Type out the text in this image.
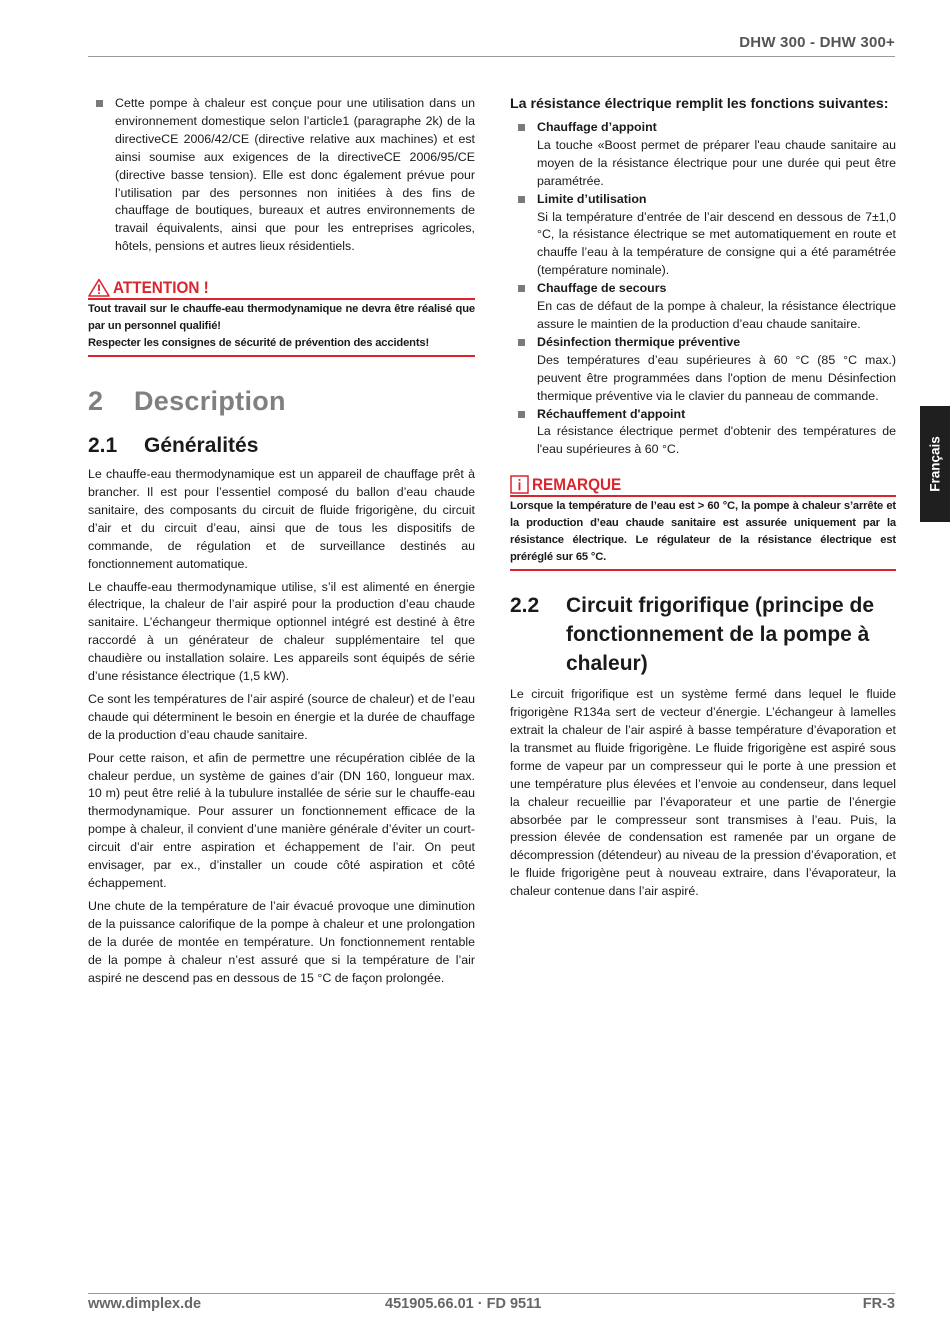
DHW 300 - DHW 300+
Cette pompe à chaleur est conçue pour une utilisation dans un environnement domestique selon l’article1 (paragraphe 2k) de la directiveCE 2006/42/CE (directive relative aux machines) et est ainsi soumise aux exigences de la directiveCE 2006/95/CE (directive basse tension). Elle est donc également prévue pour l’utilisation par des personnes non initiées à des fins de chauffage de boutiques, bureaux et autres environnements de travail équivalents, ainsi que pour les entreprises agricoles, hôtels, pensions et autres lieux résidentiels.
ATTENTION !

Tout travail sur le chauffe-eau thermodynamique ne devra être réalisé que par un personnel qualifié!

Respecter les consignes de sécurité de prévention des accidents!

2	Description
2.1	Généralités

Le chauffe-eau thermodynamique est un appareil de chauffage prêt à brancher. Il est pour l’essentiel composé du ballon d’eau chaude sanitaire, des composants du circuit de fluide frigorigène, du circuit d’air et du circuit d’eau, ainsi que de tous les dispositifs de commande, de régulation et de surveillance destinés au fonctionnement automatique.

Le chauffe-eau thermodynamique utilise, s’il est alimenté en énergie électrique, la chaleur de l’air aspiré pour la production d’eau chaude sanitaire. L’échangeur thermique optionnel intégré est destiné à être raccordé à un générateur de chaleur supplémentaire tel que chaudière ou installation solaire. Les appareils sont équipés de série d’une résistance électrique (1,5 kW).

Ce sont les températures de l’air aspiré (source de chaleur) et de l’eau chaude qui déterminent le besoin en énergie et la durée de chauffage de la production d’eau chaude sanitaire.

Pour cette raison, et afin de permettre une récupération ciblée de la chaleur perdue, un système de gaines d’air (DN 160, longueur max. 10 m) peut être relié à la tubulure installée de série sur le chauffe-eau thermodynamique. Pour assurer un fonctionnement efficace de la pompe à chaleur, il convient d’une manière générale d’éviter un court-circuit d’air entre aspiration et échappement de l’air. On peut envisager, par ex., d’installer un coude côté aspiration et côté échappement.

Une chute de la température de l’air évacué provoque une diminution de la puissance calorifique de la pompe à chaleur et une prolongation de la durée de montée en température. Un fonctionnement rentable de la pompe à chaleur n’est assuré que si la température de l’air aspiré ne descend pas en dessous de 15 °C de façon prolongée.

La résistance électrique remplit les fonctions suivantes:
Chauffage d’appoint
La touche «Boost permet de préparer l'eau chaude sanitaire au moyen de la résistance électrique pour une durée qui peut être paramétrée.
Limite d’utilisation
Si la température d’entrée de l’air descend en dessous de 7±1,0 °C, la résistance électrique se met automatiquement en route et chauffe l’eau à la température de consigne qui a été paramétrée (température nominale).
Chauffage de secours
En cas de défaut de la pompe à chaleur, la résistance électrique assure le maintien de la production d’eau chaude sanitaire.
Désinfection thermique préventive
Des températures d’eau supérieures à 60 °C (85 °C max.) peuvent être programmées dans l'option de menu Désinfection thermique préventive via le clavier du panneau de commande.
Réchauffement d'appoint
La résistance électrique permet d'obtenir des températures de l'eau supérieures à 60 °C.
REMARQUE

Lorsque la température de l’eau est > 60 °C, la pompe à chaleur s’arrête et la production d’eau chaude sanitaire est assurée uniquement par la résistance électrique. Le régulateur de la résistance électrique est préréglé sur 65 °C.

2.2	Circuit frigorifique (principe de fonctionnement de la pompe à chaleur)

Le circuit frigorifique est un système fermé dans lequel le fluide frigorigène R134a sert de vecteur d’énergie. L’échangeur à lamelles extrait la chaleur de l’air aspiré à basse température d’évaporation et la transmet au fluide frigorigène. Le fluide frigorigène est aspiré sous forme de vapeur par un compresseur qui le porte à une pression et une température plus élevées et l’envoie au condenseur, dans lequel la chaleur recueillie par l’évaporateur et une partie de l’énergie absorbée par le compresseur sont transmises à l’eau. Puis, la pression élevée de condensation est ramenée par un organe de décompression (détendeur) au niveau de la pression d’évaporation, et le fluide frigorigène peut à nouveau extraire, dans l’évaporateur, la chaleur contenue dans l’air aspiré.

Français
www.dimplex.de	451905.66.01 · FD 9511	FR-3
